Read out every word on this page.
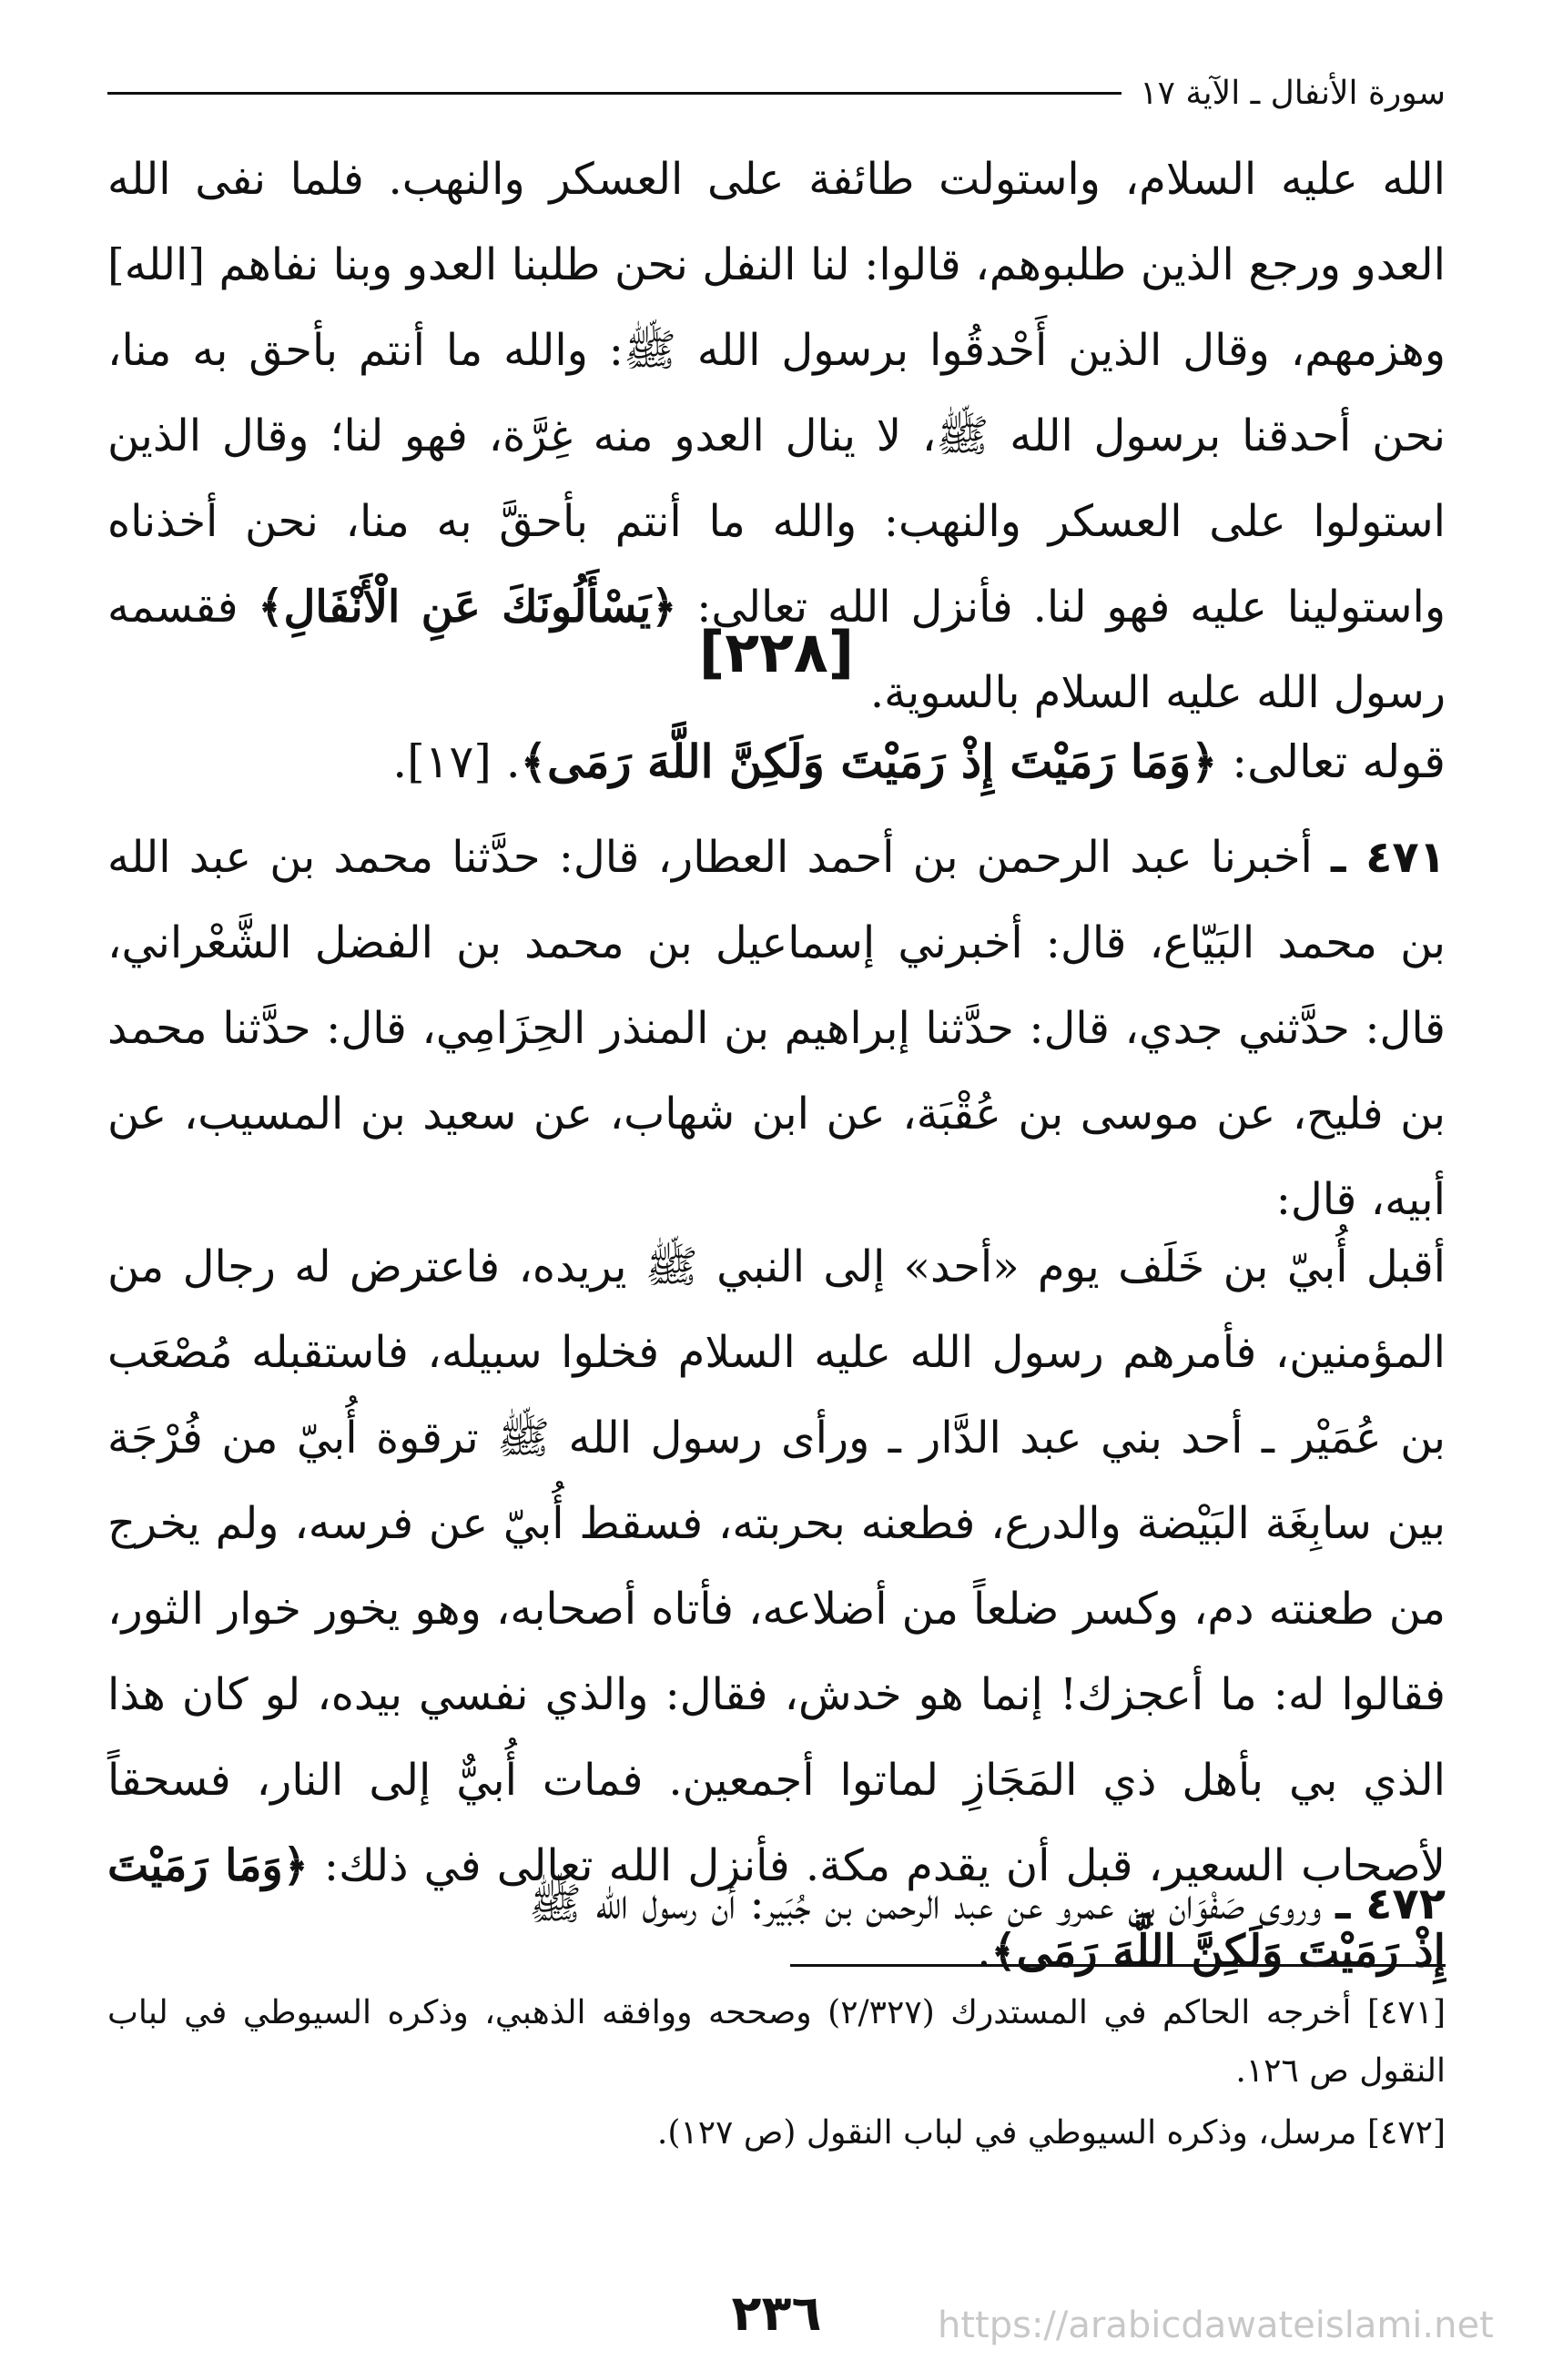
سورة الأنفال ـ الآية ١٧

الله عليه السلام، واستولت طائفة على العسكر والنهب. فلما نفى الله العدو ورجع الذين طلبوهم، قالوا: لنا النفل نحن طلبنا العدو وبنا نفاهم [الله] وهزمهم، وقال الذين أَحْدقُوا برسول الله ﷺ: والله ما أنتم بأحق به منا، نحن أحدقنا برسول الله ﷺ، لا ينال العدو منه غِرَّة، فهو لنا؛ وقال الذين استولوا على العسكر والنهب: والله ما أنتم بأحقَّ به منا، نحن أخذناه واستولينا عليه فهو لنا. فأنزل الله تعالى: ﴿يَسْأَلُونَكَ عَنِ الْأَنْفَالِ﴾ فقسمه رسول الله عليه السلام بالسوية.

[٢٢٨]
قوله تعالى: ﴿وَمَا رَمَيْتَ إِذْ رَمَيْتَ وَلَكِنَّ اللَّهَ رَمَى﴾. [١٧].

٤٧١ ـ أخبرنا عبد الرحمن بن أحمد العطار، قال: حدَّثنا محمد بن عبد الله بن محمد البَيّاع، قال: أخبرني إسماعيل بن محمد بن الفضل الشَّعْراني، قال: حدَّثني جدي، قال: حدَّثنا إبراهيم بن المنذر الحِزَامِي، قال: حدَّثنا محمد بن فليح، عن موسى بن عُقْبَة، عن ابن شهاب، عن سعيد بن المسيب، عن أبيه، قال:

أقبل أُبيّ بن خَلَف يوم «أحد» إلى النبي ﷺ يريده، فاعترض له رجال من المؤمنين، فأمرهم رسول الله عليه السلام فخلوا سبيله، فاستقبله مُصْعَب بن عُمَيْر ـ أحد بني عبد الدَّار ـ ورأى رسول الله ﷺ ترقوة أُبيّ من فُرْجَة بين سابِغَة البَيْضة والدرع، فطعنه بحربته، فسقط أُبيّ عن فرسه، ولم يخرج من طعنته دم، وكسر ضلعاً من أضلاعه، فأتاه أصحابه، وهو يخور خوار الثور، فقالوا له: ما أعجزك! إنما هو خدش، فقال: والذي نفسي بيده، لو كان هذا الذي بي بأهل ذي المَجَازِ لماتوا أجمعين. فمات أُبيٌّ إلى النار، فسحقاً لأصحاب السعير، قبل أن يقدم مكة. فأنزل الله تعالى في ذلك: ﴿وَمَا رَمَيْتَ إِذْ رَمَيْتَ وَلَكِنَّ اللَّهَ رَمَى﴾.

٤٧٢ ـ وروى صَفْوَان بن عمرو عن عبد الرحمن بن جُبَير: أن رسول الله ﷺ

[٤٧١] أخرجه الحاكم في المستدرك (٢/٣٢٧) وصححه ووافقه الذهبي، وذكره السيوطي في لباب النقول ص ١٢٦.

[٤٧٢] مرسل، وذكره السيوطي في لباب النقول (ص ١٢٧).

٢٣٦	https://arabicdawateislami.net
